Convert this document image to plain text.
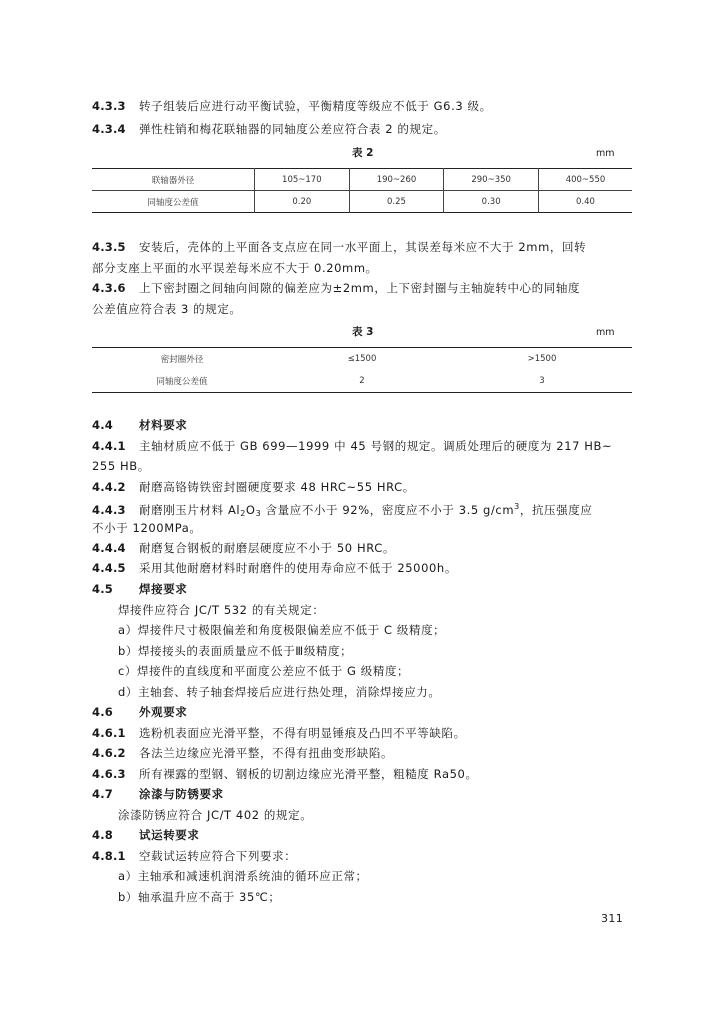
4.3.3 转子组装后应进行动平衡试验，平衡精度等级应不低于 G6.3 级。
4.3.4 弹性柱销和梅花联轴器的同轴度公差应符合表 2 的规定。
表 2	mm
联轴器外径	105~170	190~260	290~350	400~550
同轴度公差值	0.20	0.25	0.30	0.40
4.3.5 安装后，壳体的上平面各支点应在同一水平面上，其误差每米应不大于 2mm，回转
部分支座上平面的水平误差每米应不大于 0.20mm。
4.3.6 上下密封圈之间轴向间隙的偏差应为±2mm，上下密封圈与主轴旋转中心的同轴度
公差值应符合表 3 的规定。
表 3	mm
密封圈外径	≤1500	>1500
同轴度公差值	2	3
4.4 材料要求
4.4.1 主轴材质应不低于 GB 699—1999 中 45 号钢的规定。调质处理后的硬度为 217 HB~
255 HB。
4.4.2 耐磨高铬铸铁密封圈硬度要求 48 HRC~55 HRC。
4.4.3 耐磨刚玉片材料 $Al_2O_3$ 含量应不小于 92%，密度应不小于 3.5 $g/cm^3$，抗压强度应
不小于 1200MPa。
4.4.4 耐磨复合钢板的耐磨层硬度应不小于 50 HRC。
4.4.5 采用其他耐磨材料时耐磨件的使用寿命应不低于 25000h。
4.5 焊接要求
焊接件应符合 JC/T 532 的有关规定：
a）焊接件尺寸极限偏差和角度极限偏差应不低于 C 级精度；
b）焊接接头的表面质量应不低于Ⅲ级精度；
c）焊接件的直线度和平面度公差应不低于 G 级精度；
d）主轴套、转子轴套焊接后应进行热处理，消除焊接应力。
4.6 外观要求
4.6.1 选粉机表面应光滑平整，不得有明显锤痕及凸凹不平等缺陷。
4.6.2 各法兰边缘应光滑平整，不得有扭曲变形缺陷。
4.6.3 所有裸露的型钢、钢板的切割边缘应光滑平整，粗糙度 Ra50。
4.7 涂漆与防锈要求
涂漆防锈应符合 JC/T 402 的规定。
4.8 试运转要求
4.8.1 空载试运转应符合下列要求：
a）主轴承和减速机润滑系统油的循环应正常；
b）轴承温升应不高于 35℃；
311
